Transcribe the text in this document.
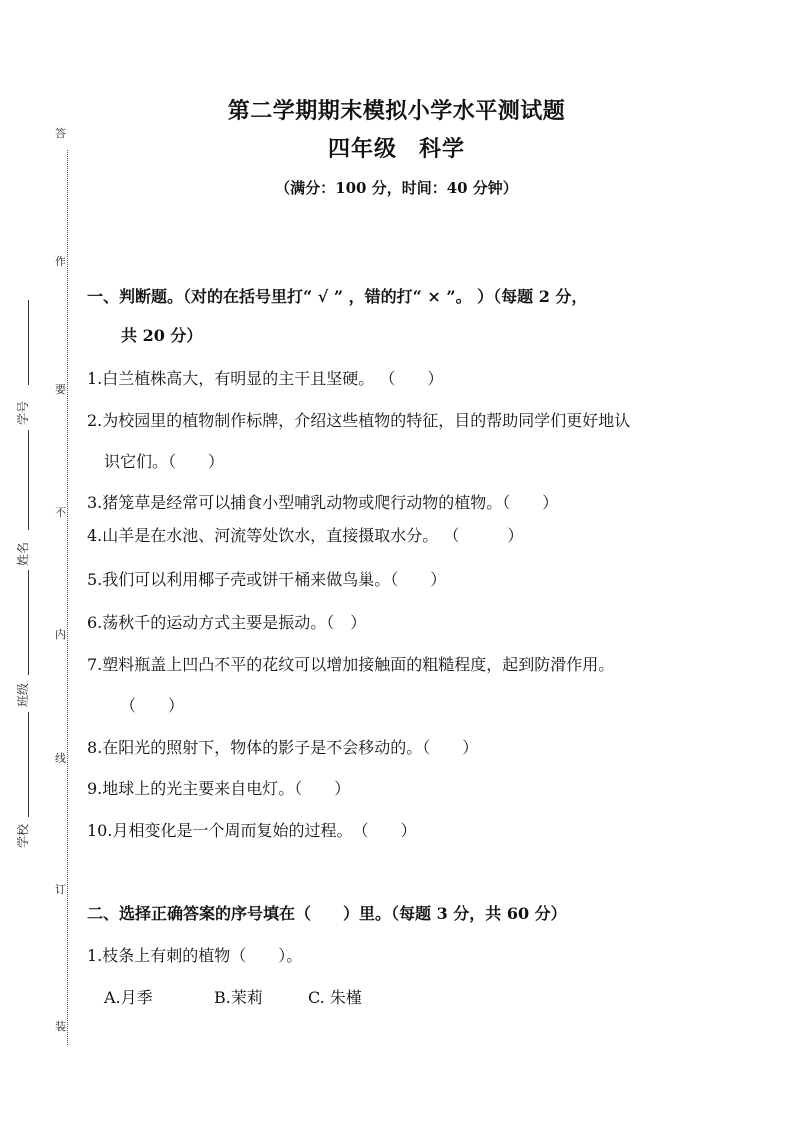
答
作
要
不
内
线
订
装
学号
姓名
班级
学校
第二学期期末模拟小学水平测试题
四年级 科学
（满分：100 分，时间：40 分钟）
一、判断题。（对的在括号里打“ √ ” ，错的打“ × ”。 ）（每题 2 分，
共 20 分）
1.白兰植株高大，有明显的主干且坚硬。 （　　）
2.为校园里的植物制作标牌，介绍这些植物的特征，目的帮助同学们更好地认
识它们。（　　）
3.猪笼草是经常可以捕食小型哺乳动物或爬行动物的植物。（　　）
4.山羊是在水池、河流等处饮水，直接摄取水分。 （　　　）
5.我们可以利用椰子壳或饼干桶来做鸟巢。（　　）
6.荡秋千的运动方式主要是振动。（　）
7.塑料瓶盖上凹凸不平的花纹可以增加接触面的粗糙程度，起到防滑作用。
（　　）
8.在阳光的照射下，物体的影子是不会移动的。（　　）
9.地球上的光主要来自电灯。（　　）
10.月相变化是一个周而复始的过程。　（　　）
二、选择正确答案的序号填在（　　）里。（每题 3 分，共 60 分）
1.枝条上有刺的植物（　　）。
A.月季	B.茉莉	C. 朱槿
